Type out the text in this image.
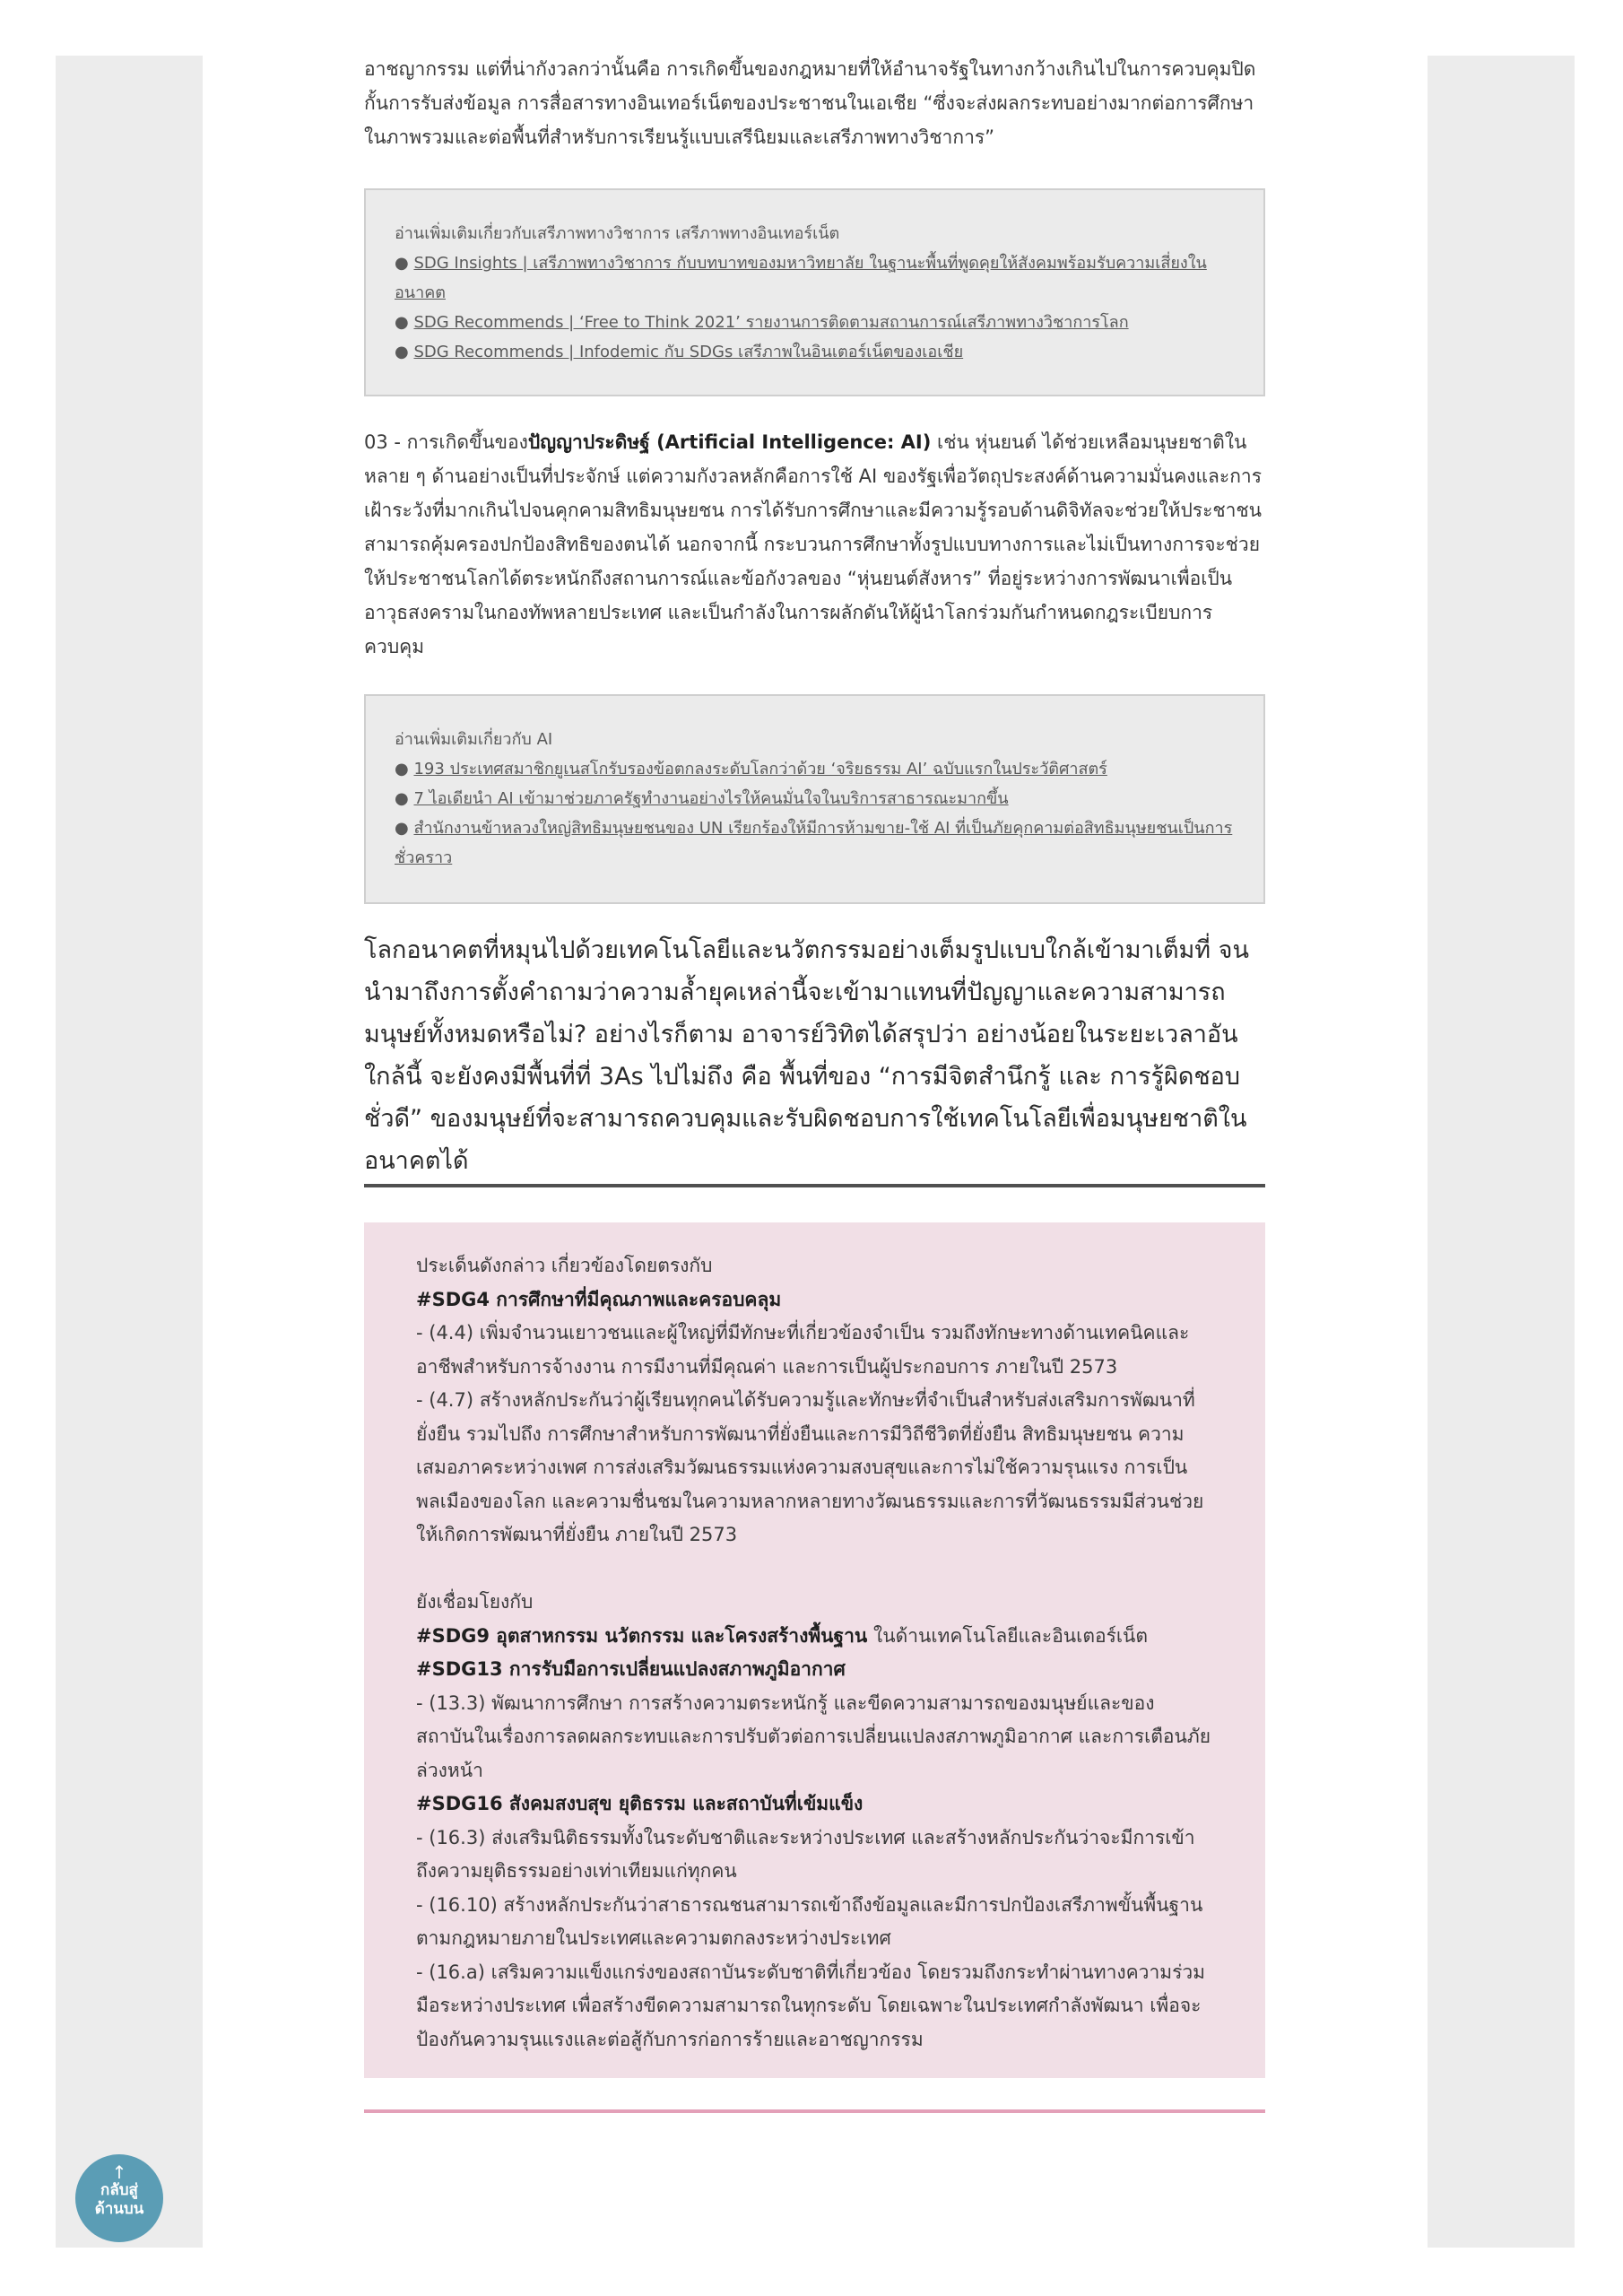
อาชญากรรม แต่ที่น่ากังวลกว่านั้นคือ การเกิดขึ้นของกฎหมายที่ให้อำนาจรัฐในทางกว้างเกินไปในการควบคุมปิดกั้นการรับส่งข้อมูล การสื่อสารทางอินเทอร์เน็ตของประชาชนในเอเชีย “ซึ่งจะส่งผลกระทบอย่างมากต่อการศึกษาในภาพรวมและต่อพื้นที่สำหรับการเรียนรู้แบบเสรีนิยมและเสรีภาพทางวิชาการ”

อ่านเพิ่มเติมเกี่ยวกับเสรีภาพทางวิชาการ เสรีภาพทางอินเทอร์เน็ต
● SDG Insights | เสรีภาพทางวิชาการ กับบทบาทของมหาวิทยาลัย ในฐานะพื้นที่พูดคุยให้สังคมพร้อมรับความเสี่ยงในอนาคต
● SDG Recommends | ‘Free to Think 2021’ รายงานการติดตามสถานการณ์เสรีภาพทางวิชาการโลก
● SDG Recommends | Infodemic กับ SDGs เสรีภาพในอินเตอร์เน็ตของเอเชีย

03 - การเกิดขึ้นของปัญญาประดิษฐ์ (Artificial Intelligence: AI) เช่น หุ่นยนต์ ได้ช่วยเหลือมนุษยชาติในหลาย ๆ ด้านอย่างเป็นที่ประจักษ์ แต่ความกังวลหลักคือการใช้ AI ของรัฐเพื่อวัตถุประสงค์ด้านความมั่นคงและการเฝ้าระวังที่มากเกินไปจนคุกคามสิทธิมนุษยชน การได้รับการศึกษาและมีความรู้รอบด้านดิจิทัลจะช่วยให้ประชาชนสามารถคุ้มครองปกป้องสิทธิของตนได้ นอกจากนี้ กระบวนการศึกษาทั้งรูปแบบทางการและไม่เป็นทางการจะช่วยให้ประชาชนโลกได้ตระหนักถึงสถานการณ์และข้อกังวลของ “หุ่นยนต์สังหาร” ที่อยู่ระหว่างการพัฒนาเพื่อเป็นอาวุธสงครามในกองทัพหลายประเทศ และเป็นกำลังในการผลักดันให้ผู้นำโลกร่วมกันกำหนดกฎระเบียบการควบคุม

อ่านเพิ่มเติมเกี่ยวกับ AI
● 193 ประเทศสมาชิกยูเนสโกรับรองข้อตกลงระดับโลกว่าด้วย ‘จริยธรรม AI’ ฉบับแรกในประวัติศาสตร์
● 7 ไอเดียนำ AI เข้ามาช่วยภาครัฐทำงานอย่างไรให้คนมั่นใจในบริการสาธารณะมากขึ้น
● สำนักงานข้าหลวงใหญ่สิทธิมนุษยชนของ UN เรียกร้องให้มีการห้ามขาย-ใช้ AI ที่เป็นภัยคุกคามต่อสิทธิมนุษยชนเป็นการชั่วคราว

โลกอนาคตที่หมุนไปด้วยเทคโนโลยีและนวัตกรรมอย่างเต็มรูปแบบใกล้เข้ามาเต็มที่ จนนำมาถึงการตั้งคำถามว่าความล้ำยุคเหล่านี้จะเข้ามาแทนที่ปัญญาและความสามารถมนุษย์ทั้งหมดหรือไม่? อย่างไรก็ตาม อาจารย์วิทิตได้สรุปว่า อย่างน้อยในระยะเวลาอันใกล้นี้ จะยังคงมีพื้นที่ที่ 3As ไปไม่ถึง คือ พื้นที่ของ “การมีจิตสำนึกรู้ และ การรู้ผิดชอบชั่วดี” ของมนุษย์ที่จะสามารถควบคุมและรับผิดชอบการใช้เทคโนโลยีเพื่อมนุษยชาติในอนาคตได้

ประเด็นดังกล่าว เกี่ยวข้องโดยตรงกับ

#SDG4 การศึกษาที่มีคุณภาพและครอบคลุม

- (4.4) เพิ่มจำนวนเยาวชนและผู้ใหญ่ที่มีทักษะที่เกี่ยวข้องจำเป็น รวมถึงทักษะทางด้านเทคนิคและอาชีพสำหรับการจ้างงาน การมีงานที่มีคุณค่า และการเป็นผู้ประกอบการ ภายในปี 2573

- (4.7) สร้างหลักประกันว่าผู้เรียนทุกคนได้รับความรู้และทักษะที่จำเป็นสำหรับส่งเสริมการพัฒนาที่ยั่งยืน รวมไปถึง การศึกษาสำหรับการพัฒนาที่ยั่งยืนและการมีวิถีชีวิตที่ยั่งยืน สิทธิมนุษยชน ความเสมอภาคระหว่างเพศ การส่งเสริมวัฒนธรรมแห่งความสงบสุขและการไม่ใช้ความรุนแรง การเป็นพลเมืองของโลก และความชื่นชมในความหลากหลายทางวัฒนธรรมและการที่วัฒนธรรมมีส่วนช่วยให้เกิดการพัฒนาที่ยั่งยืน ภายในปี 2573

ยังเชื่อมโยงกับ

#SDG9 อุตสาหกรรม นวัตกรรม และโครงสร้างพื้นฐาน ในด้านเทคโนโลยีและอินเตอร์เน็ต

#SDG13 การรับมือการเปลี่ยนแปลงสภาพภูมิอากาศ

- (13.3) พัฒนาการศึกษา การสร้างความตระหนักรู้ และขีดความสามารถของมนุษย์และของสถาบันในเรื่องการลดผลกระทบและการปรับตัวต่อการเปลี่ยนแปลงสภาพภูมิอากาศ และการเตือนภัยล่วงหน้า

#SDG16 สังคมสงบสุข ยุติธรรม และสถาบันที่เข้มแข็ง

- (16.3) ส่งเสริมนิติธรรมทั้งในระดับชาติและระหว่างประเทศ และสร้างหลักประกันว่าจะมีการเข้าถึงความยุติธรรมอย่างเท่าเทียมแก่ทุกคน

- (16.10) สร้างหลักประกันว่าสาธารณชนสามารถเข้าถึงข้อมูลและมีการปกป้องเสรีภาพขั้นพื้นฐาน ตามกฎหมายภายในประเทศและความตกลงระหว่างประเทศ

- (16.a) เสริมความแข็งแกร่งของสถาบันระดับชาติที่เกี่ยวข้อง โดยรวมถึงกระทำผ่านทางความร่วมมือระหว่างประเทศ เพื่อสร้างขีดความสามารถในทุกระดับ โดยเฉพาะในประเทศกำลังพัฒนา เพื่อจะป้องกันความรุนแรงและต่อสู้กับการก่อการร้ายและอาชญากรรม

↑
กลับสู่
ด้านบน
